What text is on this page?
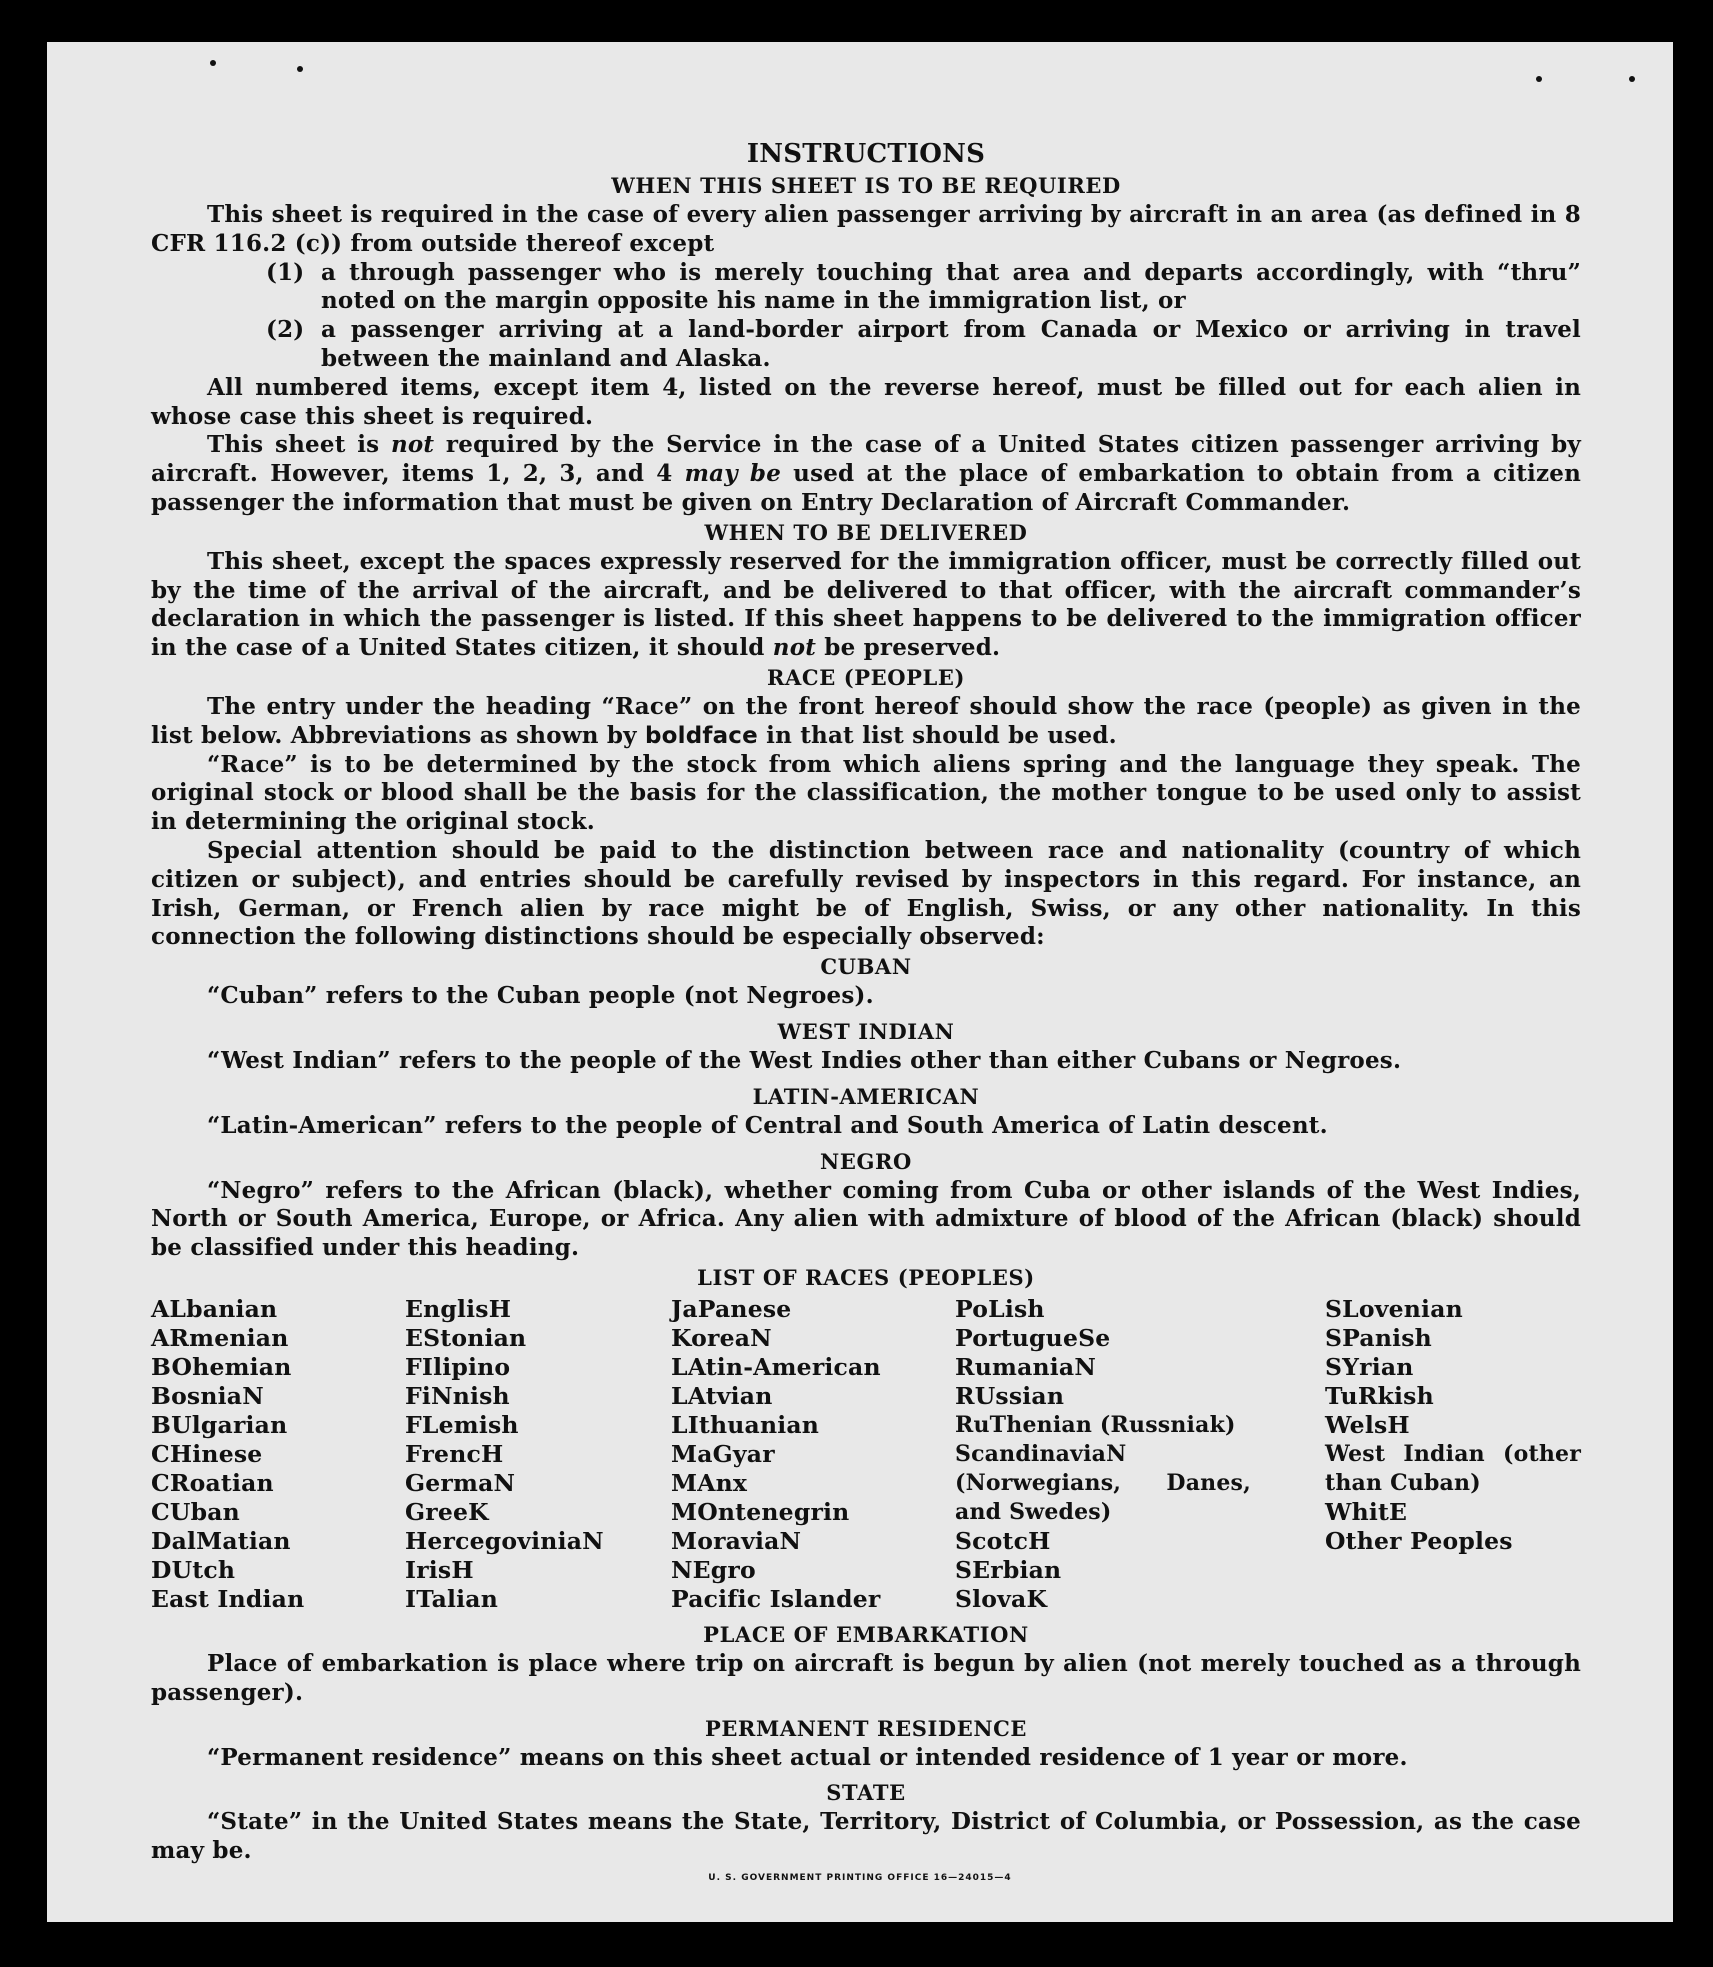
INSTRUCTIONS
WHEN THIS SHEET IS TO BE REQUIRED

This sheet is required in the case of every alien passenger arriving by aircraft in an area (as defined in 8 CFR 116.2 (c)) from outside thereof except

(1) a through passenger who is merely touching that area and departs accordingly, with “thru” noted on the margin opposite his name in the immigration list, or
(2) a passenger arriving at a land-border airport from Canada or Mexico or arriving in travel between the mainland and Alaska.

All numbered items, except item 4, listed on the reverse hereof, must be filled out for each alien in whose case this sheet is required.

This sheet is not required by the Service in the case of a United States citizen passenger arriving by aircraft. However, items 1, 2, 3, and 4 may be used at the place of embarkation to obtain from a citizen passenger the information that must be given on Entry Declaration of Aircraft Commander.

WHEN TO BE DELIVERED

This sheet, except the spaces expressly reserved for the immigration officer, must be correctly filled out by the time of the arrival of the aircraft, and be delivered to that officer, with the aircraft commander’s declaration in which the passenger is listed. If this sheet happens to be delivered to the immigration officer in the case of a United States citizen, it should not be preserved.

RACE (PEOPLE)

The entry under the heading “Race” on the front hereof should show the race (people) as given in the list below. Abbreviations as shown by boldface in that list should be used.

“Race” is to be determined by the stock from which aliens spring and the language they speak. The original stock or blood shall be the basis for the classification, the mother tongue to be used only to assist in determining the original stock.

Special attention should be paid to the distinction between race and nationality (country of which citizen or subject), and entries should be carefully revised by inspectors in this regard. For instance, an Irish, German, or French alien by race might be of English, Swiss, or any other nationality. In this connection the following distinctions should be especially observed:

CUBAN

“Cuban” refers to the Cuban people (not Negroes).

WEST INDIAN

“West Indian” refers to the people of the West Indies other than either Cubans or Negroes.

LATIN-AMERICAN

“Latin-American” refers to the people of Central and South America of Latin descent.

NEGRO

“Negro” refers to the African (black), whether coming from Cuba or other islands of the West Indies, North or South America, Europe, or Africa. Any alien with admixture of blood of the African (black) should be classified under this heading.

LIST OF RACES (PEOPLES)
ALbanian
ARmenian
BOhemian
BosniaN
BUlgarian
CHinese
CRoatian
CUban
DalMatian
DUtch
East Indian
EnglisH
EStonian
FIlipino
FiNnish
FLemish
FrencH
GermaN
GreeK
HercegoviniaN
IrisH
ITalian
JaPanese
KoreaN
LAtin-American
LAtvian
LIthuanian
MaGyar
MAnx
MOntenegrin
MoraviaN
NEgro
Pacific Islander
PoLish
PortugueSe
RumaniaN
RUssian
RuThenian (Russniak)
ScandinaviaN (Norwegians, Danes, and Swedes)
ScotcH
SErbian
SlovaK
SLovenian
SPanish
SYrian
TuRkish
WelsH
West Indian (other than Cuban)
WhitE
Other Peoples
PLACE OF EMBARKATION

Place of embarkation is place where trip on aircraft is begun by alien (not merely touched as a through passenger).

PERMANENT RESIDENCE

“Permanent residence” means on this sheet actual or intended residence of 1 year or more.

STATE

“State” in the United States means the State, Territory, District of Columbia, or Possession, as the case may be.

U. S. GOVERNMENT PRINTING OFFICE 16—24015—4
